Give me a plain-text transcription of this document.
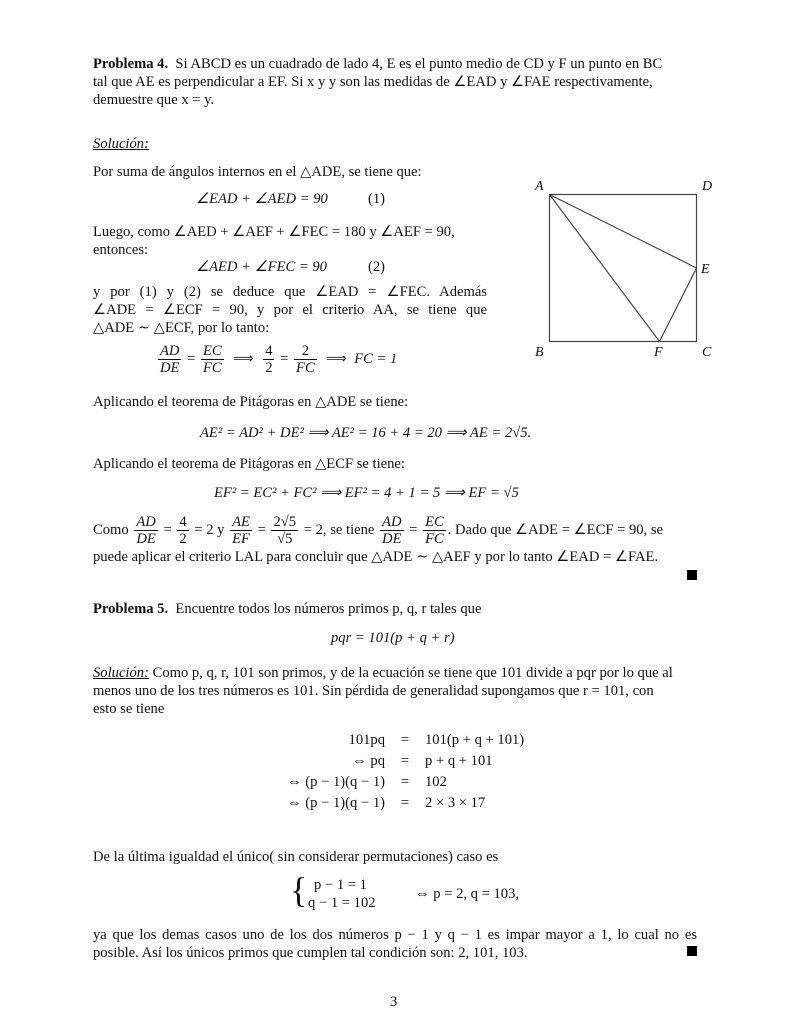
Problema 4. Si ABCD es un cuadrado de lado 4, E es el punto medio de CD y F un punto en BC
tal que AE es perpendicular a EF. Si x y y son las medidas de ∠EAD y ∠FAE respectivamente,
demuestre que x = y.
Solución:
Por suma de ángulos internos en el △ADE, se tiene que:
∠EAD + ∠AED = 90	(1)
Luego, como ∠AED + ∠AEF + ∠FEC = 180 y ∠AEF = 90,
entonces:
∠AED + ∠FEC = 90	(2)
y por (1) y (2) se deduce que ∠EAD = ∠FEC. Además
∠ADE = ∠ECF = 90, y por el criterio AA, se tiene que
△ADE ∼ △ECF, por lo tanto:
$\frac{AD}{DE} = \frac{EC}{FC}$ ⟹ $\frac{4}{2} = \frac{2}{FC}$ ⟹ FC = 1
A	D
E
B	F	C
Aplicando el teorema de Pitágoras en △ADE se tiene:
AE² = AD² + DE² ⟹ AE² = 16 + 4 = 20 ⟹ AE = 2√5.
Aplicando el teorema de Pitágoras en △ECF se tiene:
EF² = EC² + FC² ⟹ EF² = 4 + 1 = 5 ⟹ EF = √5
Como $\frac{AD}{DE} = \frac{4}{2} = 2$ y $\frac{AE}{EF} = \frac{2√5}{√5} = 2$, se tiene $\frac{AD}{DE} = \frac{EC}{FC}$ . Dado que ∠ADE = ∠ECF = 90, se
puede aplicar el criterio LAL para concluir que △ADE ∼ △AEF y por lo tanto ∠EAD = ∠FAE.
Problema 5. Encuentre todos los números primos p, q, r tales que
pqr = 101(p + q + r)
Solución: Como p, q, r, 101 son primos, y de la ecuación se tiene que 101 divide a pqr por lo que al
menos uno de los tres números es 101. Sin pérdida de generalidad supongamos que r = 101, con
esto se tiene
101pq	=	101(p + q + 101)
⇔ pq	=	p + q + 101
⇔ (p − 1)(q − 1)	=	102
⇔ (p − 1)(q − 1)	=	2 × 3 × 17
De la última igualdad el único( sin considerar permutaciones) caso es
{ p − 1 = 1
q − 1 = 102
⇔ p = 2, q = 103,
ya que los demas casos uno de los dos números p − 1 y q − 1 es impar mayor a 1, lo cual no es
posible. Así los únicos primos que cumplen tal condición son: 2, 101, 103.
3
